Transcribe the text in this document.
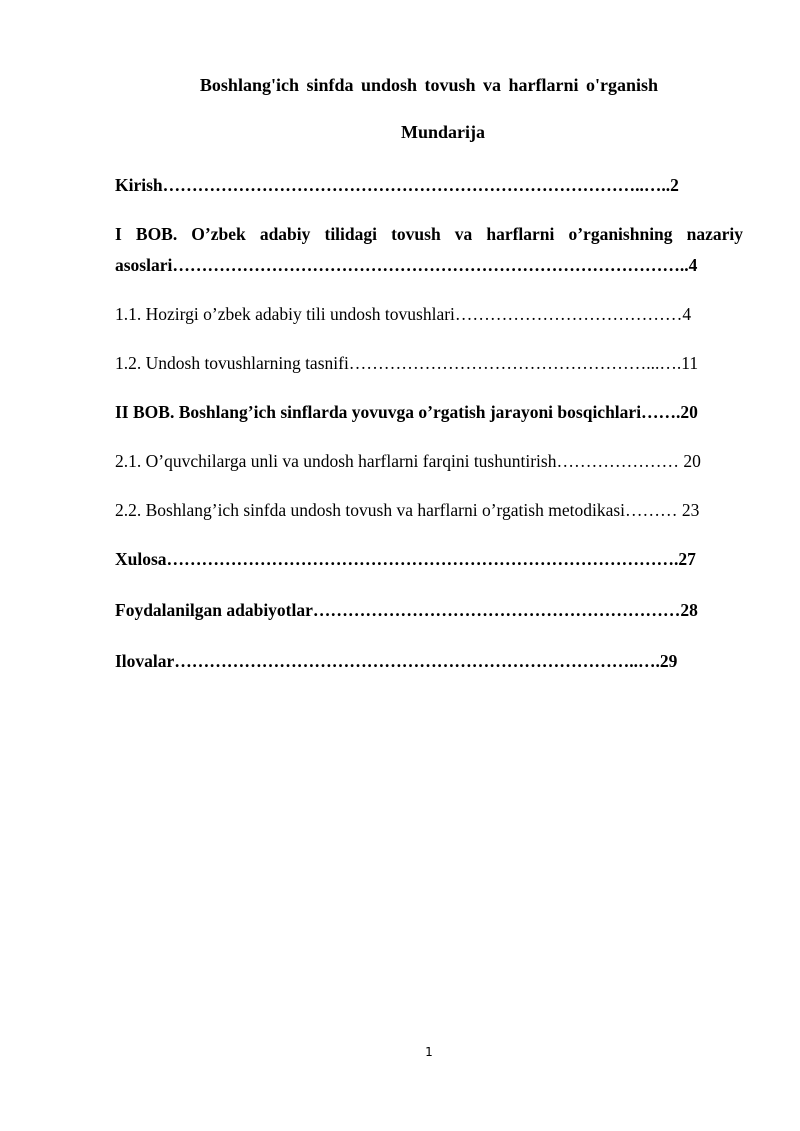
Boshlang'ich sinfda undosh tovush va harflarni o'rganish
Mundarija

Kirish………………………………………………………………………..…..2

I BOB. O’zbek adabiy tilidagi tovush va harflarni o’rganishning nazariy asoslari……………………………………………………………………………..4

1.1. Hozirgi o’zbek adabiy tili undosh tovushlari…………………………………4

1.2. Undosh tovushlarning tasnifi……………………………………………...….11

II BOB. Boshlang’ich sinflarda yovuvga o’rgatish jarayoni bosqichlari…….20

2.1. O’quvchilarga unli va undosh harflarni farqini tushuntirish………………… 20

2.2. Boshlang’ich sinfda undosh tovush va harflarni o’rgatish metodikasi……… 23

Xulosa…………………………………………………………………………….27

Foydalanilgan adabiyotlar………………………………………………………28

Ilovalar……………………………………………………………………..….29

1
